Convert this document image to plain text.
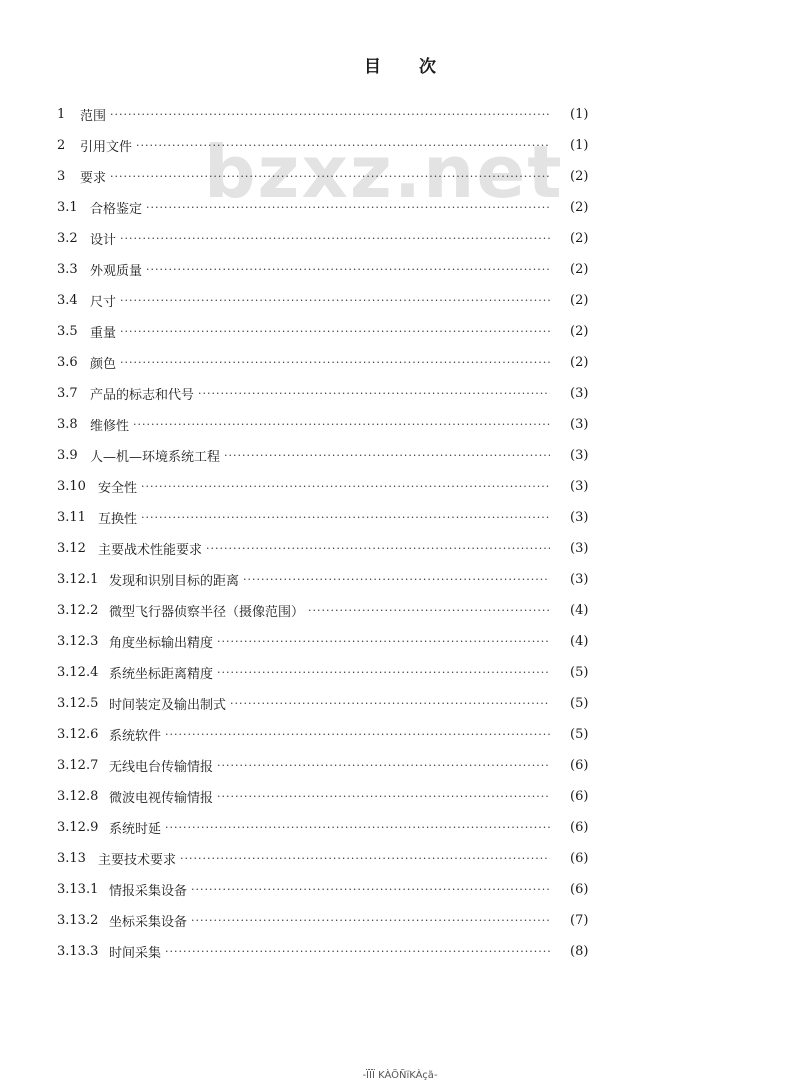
bzxz.net
目 次
1 范围 ·····	(1)
2 引用文件 ·····	(1)
3 要求 ·····	(2)
3.1 合格鉴定 ·····	(2)
3.2 设计 ·····	(2)
3.3 外观质量 ·····	(2)
3.4 尺寸 ·····	(2)
3.5 重量 ·····	(2)
3.6 颜色 ·····	(2)
3.7 产品的标志和代号 ·····	(3)
3.8 维修性 ·····	(3)
3.9 人—机—环境系统工程 ·····	(3)
3.10 安全性 ·····	(3)
3.11 互换性 ·····	(3)
3.12 主要战术性能要求 ·····	(3)
3.12.1 发现和识别目标的距离 ·····	(3)
3.12.2 微型飞行器侦察半径（摄像范围） ·····	(4)
3.12.3 角度坐标输出精度 ·····	(4)
3.12.4 系统坐标距离精度 ·····	(5)
3.12.5 时间装定及输出制式 ·····	(5)
3.12.6 系统软件 ·····	(5)
3.12.7 无线电台传输情报 ·····	(6)
3.12.8 微波电视传输情报 ·····	(6)
3.12.9 系统时延 ·····	(6)
3.13 主要技术要求 ·····	(6)
3.13.1 情报采集设备 ·····	(6)
3.13.2 坐标采集设备 ·····	(7)
3.13.3 时间采集 ·····	(8)
-ÏÏÏ KÀÕÑïKÀçã-
